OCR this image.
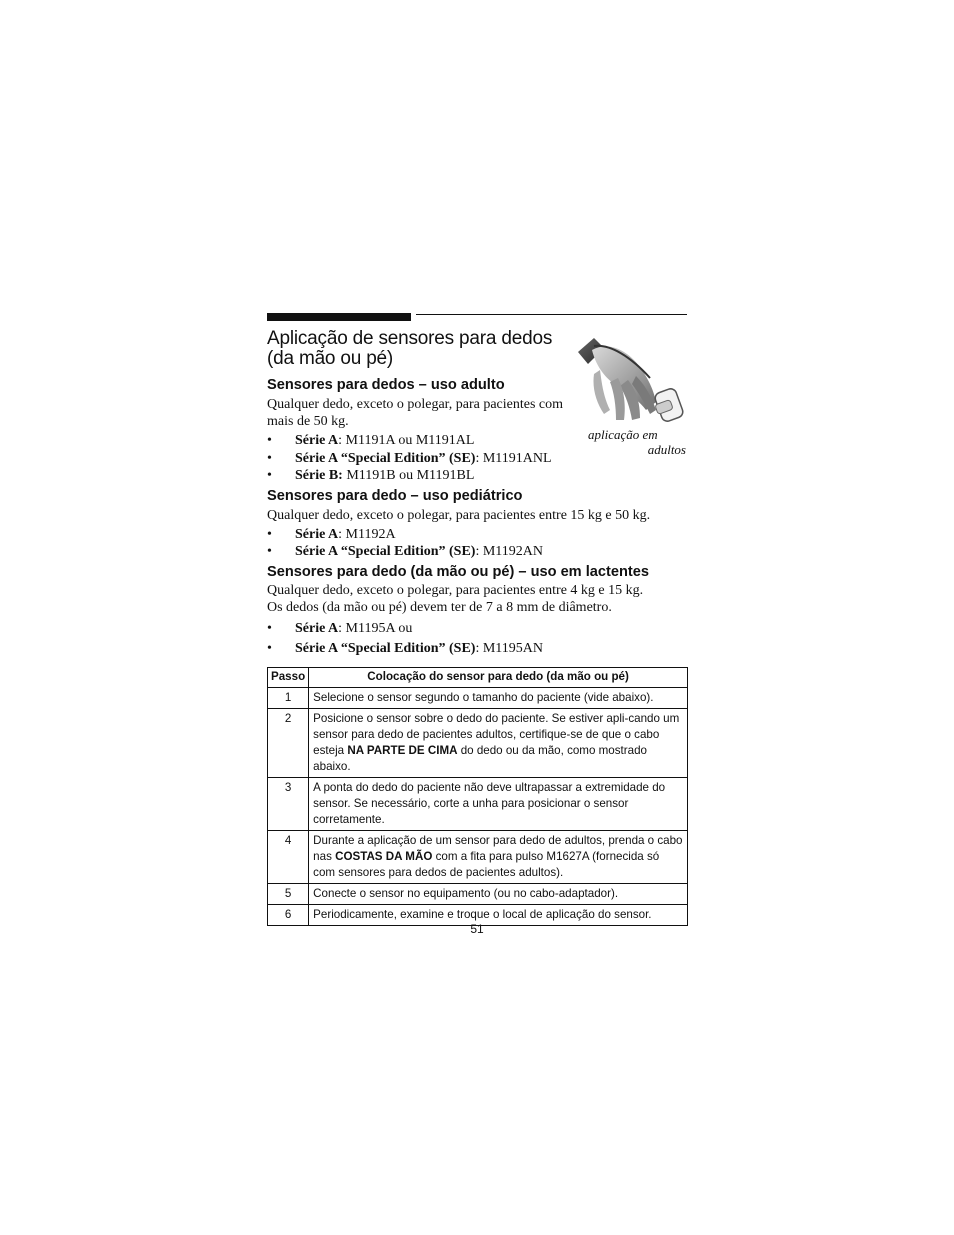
Aplicação de sensores para dedos (da mão ou pé)
aplicação em
adultos
Sensores para dedos – uso adulto

Qualquer dedo, exceto o polegar, para pacientes com

mais de 50 kg.

• Série A: M1191A ou M1191AL

• Série A “Special Edition” (SE): M1191ANL

• Série B: M1191B ou M1191BL

Sensores para dedo – uso pediátrico

Qualquer dedo, exceto o polegar, para pacientes entre 15 kg e 50 kg.

• Série A: M1192A

• Série A “Special Edition” (SE): M1192AN

Sensores para dedo (da mão ou pé) – uso em lactentes

Qualquer dedo, exceto o polegar, para pacientes entre 4 kg e 15 kg.

Os dedos (da mão ou pé) devem ter de 7 a 8 mm de diâmetro.

• Série A: M1195A ou

• Série A “Special Edition” (SE): M1195AN

Passo	Colocação do sensor para dedo (da mão ou pé)
1	Selecione o sensor segundo o tamanho do paciente (vide abaixo).
2	Posicione o sensor sobre o dedo do paciente. Se estiver apli-cando um sensor para dedo de pacientes adultos, certifique-se de que o cabo esteja NA PARTE DE CIMA do dedo ou da mão, como mostrado abaixo.
3	A ponta do dedo do paciente não deve ultrapassar a extremidade do sensor. Se necessário, corte a unha para posicionar o sensor corretamente.
4	Durante a aplicação de um sensor para dedo de adultos, prenda o cabo nas COSTAS DA MÃO com a fita para pulso M1627A (fornecida só com sensores para dedos de pacientes adultos).
5	Conecte o sensor no equipamento (ou no cabo-adaptador).
6	Periodicamente, examine e troque o local de aplicação do sensor.
51
